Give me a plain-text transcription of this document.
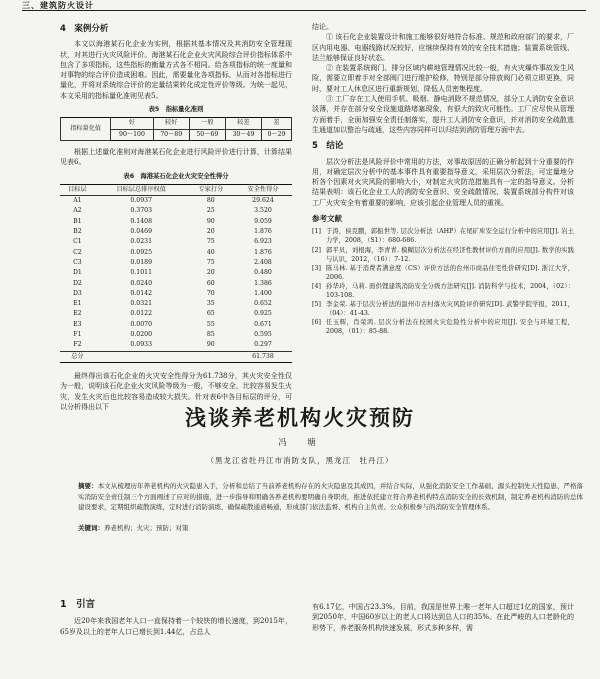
三、建筑防火设计
4　案例分析

本文以海港某石化企业为实例，根据其基本情况及其消防安全管理现状，对其进行火灾风险评价。海港某石化企业火灾风险综合评价指标体系中包含了多项指标，这些指标的衡量方式各不相同。给各项指标的统一度量和对事物的综合评价造成困难。因此，需要量化各项指标，从而对各指标进行量化，并将对系统综合评价的定量结果转化成定性评价等级。为统一起见，本文采用的指标量化准则见表5。

表5　指标量化准则
指标量化值	好	较好	一般	较差	差
	90～100	70～89	50～69	30～49	0～29

根据上述量化准则对海港某石化企业进行风险评价进行计算，计算结果见表6。

表6　海港某石化企业火灾安全性得分
目标层	目标层总排序权值	专家打分	安全性得分
A1	0.0937	80	29.624
A2	0.3703	25	3.520
B1	0.1408	90	9.059
B2	0.0469	20	1.876
C1	0.0231	75	6.923
C2	0.0925	40	1.876
C3	0.0189	75	2.408
D1	0.1011	20	0.480
D2	0.0240	60	1.386
D3	0.0142	70	1.400
E1	0.0321	35	0.652
E2	0.0122	65	0.925
E3	0.0070	55	0.671
F1	0.0200	85	0.595
F2	0.0933	90	0.297
总分			61.738

最终得出该石化企业的火灾安全性得分为61.738分，其火灾安全性仅为一般，说明该石化企业火灾风险等级为一般，不够安全，比较容易发生火灾，发生火灾后也比较容易造成较大损失。针对表6中各目标层的评分，可以分析得出以下

结论。

① 该石化企业装置设计和施工能够很好地符合标准、规范和政府部门的要求，厂区内用电器、电器线路状况较好，应继续保持有效的安全技术措施；装置系统管线、法兰能够保证良好状态。

② 在装置系统阀门、排分区域内耕地管理情况比较一般，有火灾爆炸事故发生风险，需要立即着手对全部阀门进行维护检修，特别是部分排放阀门必须立即更换，同时，要对工人休息区进行重新规划，降低人员密集程度。

③ 工厂存在工人使用手机、吸烟、静电消除不规范情况，部分工人消防安全意识淡薄，并存在部分安全设施道路堵塞现象，有很大的致灾可能性。工厂应尽快从管理方面着手，全面加强安全责任制落实，提升工人消防安全意识，并对消防安全疏散逃生通道加以整治与疏通，这些内容同样可以归结到消防管理方面中去。

5　结论

层次分析法是风险评价中常用的方法，对事故原因的正确分析起到十分重要的作用，对确定层次分析中的基本事件具有重要指导意义，采用层次分析法，可定量地分析各个因素对火灾风险的影响大小，对制定火灾防范措施具有一定的指导意义。分析结果表明：该石化企业工人的消防安全意识、安全疏散情况、装置系统部分构件对该工厂火灾安全有着重要的影响，应该引起企业管理人员的重视。

参考文献

[1] 于涛，侯克鹏，郭振世等. 层次分析法（AHP）在尾矿库安全运行分析中的应用[J]. 岩土力学，2008，（S1）：680-686.

[2] 郭平贝，刘根海，李青青. 模糊层次分析法在经济性教材评价方面的应用[J]. 数学的实践与认识，2012，（16）：7-12.

[3] 陈马林. 基于消费者满意度（CS）评价方法的台州市商品住宅性价研究[D]. 浙江大学，2006.

[4] 孙华玲，马莉. 面供锂建筑消防安全分级方法研究[J]. 消防科学与技术，2004，（02）：103-108.

[5] 李金荣. 基于层次分析法的温州市古村落火灾风险评价研究[D]. 武警学院学报，2011，（04）：41-43.

[6] 任玉辉，肖荣鸿. 层次分析法在校园火灾危险性分析中的应用[J]. 安全与环境工程，2008，（01）：85-88.

浅谈养老机构火灾预防
冯　塘
（黑龙江省牡丹江市消防支队，黑龙江　牡丹江）
摘要：本文从梳理历年养老机构的火灾隐患入手，分析和总结了当前养老机构存在的火灾隐患及其成因，并结合实际，从强化消防安全工作基础、源头控制先天性隐患、严格落实消防安全责任制三个方面阐述了应对的措施，进一步指导和明确各养老机构要明确自身职责，推进依托建立符合养老机构特点消防安全的长效机制，制定养老机构消防的总体建设要求，定期组织疏散演练，定时进行消防演练，确保疏散通道畅通，形成部门依法监督、机构自主负责、公众积极参与的消防安全管理体系。
关键词：养老机构；火灾；预防；对策
1　引言

近20年来我国老年人口一直保持着一个较快的增长速度，到2015年，65岁及以上的老年人口已增长到1.44亿，占总人

有6.17亿，中国占23.3%。目前，我国是世界上唯一老年人口超过1亿的国家，预计到2050年，中国60岁以上的老人口将达到总人口的35%。在此严峻的人口老龄化的形势下，养老服务机构快速发展，形式多种多样，需
